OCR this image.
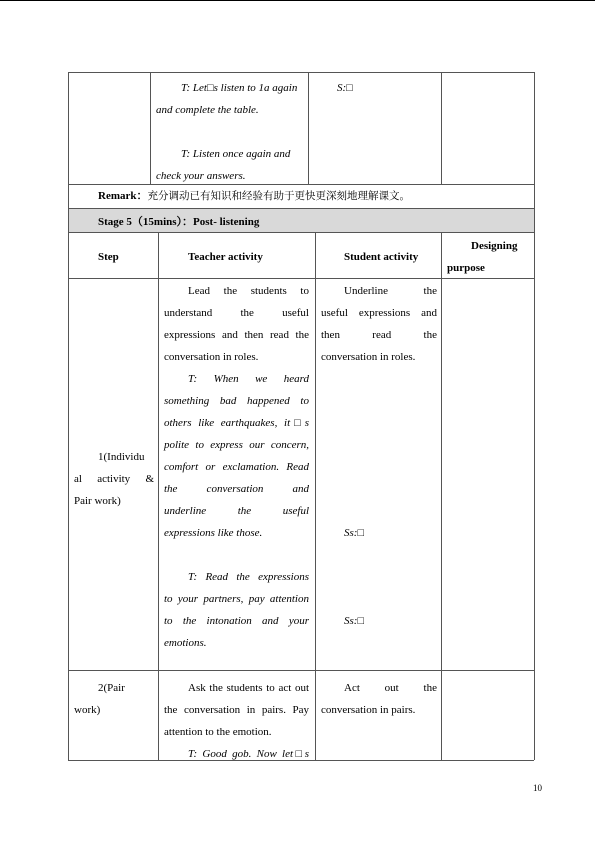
T: Let□s listen to 1a again
and complete the table.
T: Listen once again and
check your answers.
S:□
Remark：充分调动已有知识和经验有助于更快更深刻地理解课文。
Stage 5（15mins）：Post- listening
Step	Teacher activity	Student activity
Designing
purpose
1(Individu
al activity &
Pair work)
Lead the students to
understand the useful
expressions and then read the
conversation in roles.
T: When we heard
something bad happened to
others like earthquakes, it□s
polite to express our concern,
comfort or exclamation. Read
the conversation and
underline the useful
expressions like those.
T: Read the expressions
to your partners, pay attention
to the intonation and your
emotions.
Underline the
useful expressions and
then read the
conversation in roles.
Ss:□
Ss:□
2(Pair
work)
Ask the students to act out
the conversation in pairs. Pay
attention to the emotion.
T: Good gob. Now let□s
Act out the
conversation in pairs.
10
